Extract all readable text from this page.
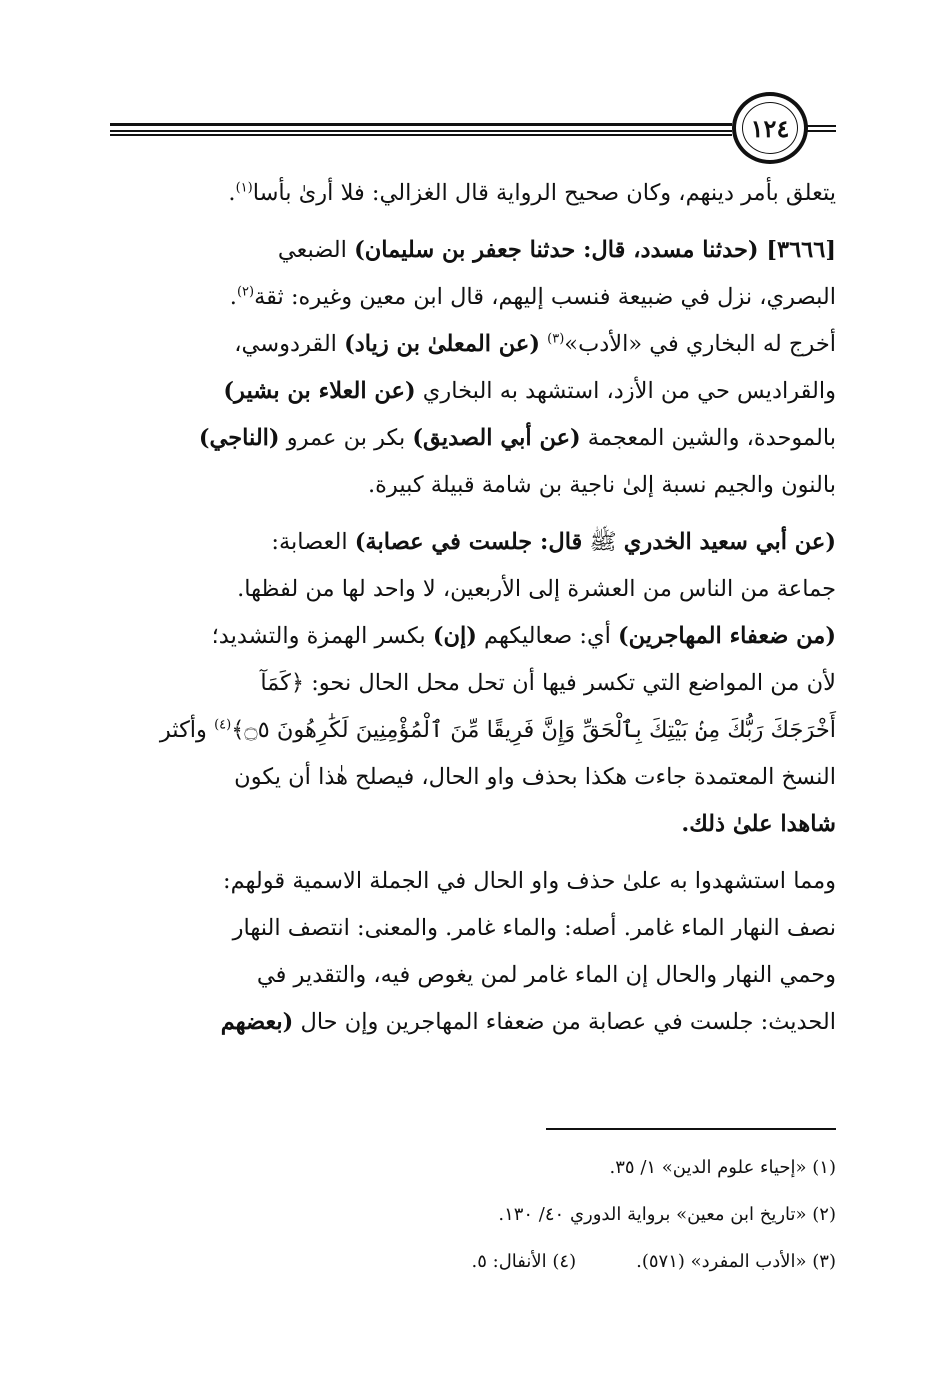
١٢٤

يتعلق بأمر دينهم، وكان صحيح الرواية قال الغزالي: فلا أرىٰ بأسا$^{(١)}$.

[٣٦٦٦] (حدثنا مسدد، قال: حدثنا جعفر بن سليمان) الضبعي

البصري، نزل في ضبيعة فنسب إليهم، قال ابن معين وغيره: ثقة$^{(٢)}$.

أخرج له البخاري في «الأدب»$^{(٣)}$ (عن المعلىٰ بن زياد) القردوسي،

والقراديس حي من الأزد، استشهد به البخاري (عن العلاء بن بشير)

بالموحدة، والشين المعجمة (عن أبي الصديق) بكر بن عمرو (الناجي)

بالنون والجيم نسبة إلىٰ ناجية بن شامة قبيلة كبيرة.

(عن أبي سعيد الخدري ﷺ قال: جلست في عصابة) العصابة:

جماعة من الناس من العشرة إلى الأربعين، لا واحد لها من لفظها.

(من ضعفاء المهاجرين) أي: صعاليكهم (إن) بكسر الهمزة والتشديد؛

لأن من المواضع التي تكسر فيها أن تحل محل الحال نحو: ﴿كَمَآ

أَخْرَجَكَ رَبُّكَ مِنۢ بَيْتِكَ بِٱلْحَقِّ وَإِنَّ فَرِيقًا مِّنَ ٱلْمُؤْمِنِينَ لَكَٰرِهُونَ ۝٥﴾$^{(٤)}$ وأكثر

النسخ المعتمدة جاءت هكذا بحذف واو الحال، فيصلح هٰذا أن يكون

شاهدا علىٰ ذلك.

ومما استشهدوا به علىٰ حذف واو الحال في الجملة الاسمية قولهم:

نصف النهار الماء غامر. أصله: والماء غامر. والمعنى: انتصف النهار

وحمي النهار والحال إن الماء غامر لمن يغوص فيه، والتقدير في

الحديث: جلست في عصابة من ضعفاء المهاجرين وإن حال (بعضهم

(١) «إحياء علوم الدين» ١/ ٣٥.

(٢) «تاريخ ابن معين» برواية الدوري ٤٠/ ١٣٠.

(٣) «الأدب المفرد» (٥٧١).(٤) الأنفال: ٥.
